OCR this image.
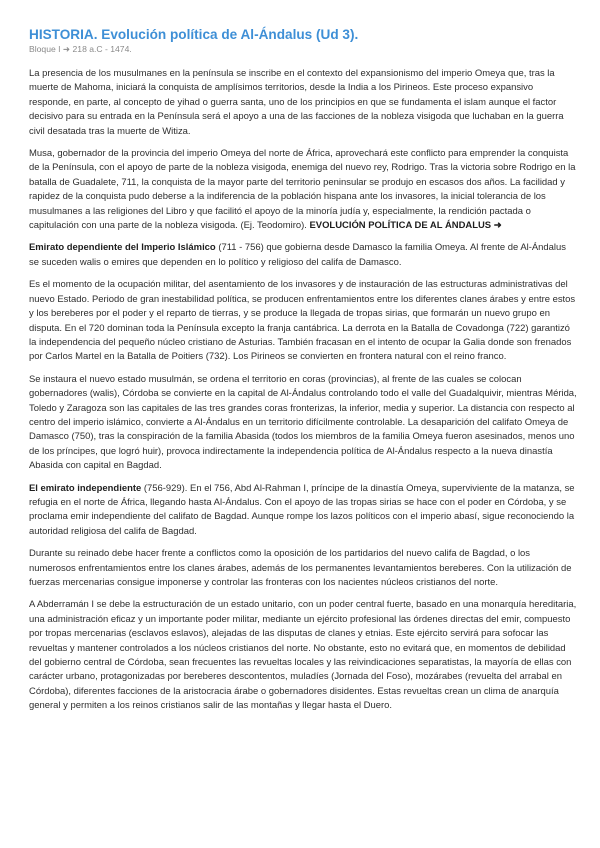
HISTORIA. Evolución política de Al-Ándalus (Ud 3).
Bloque I ➜ 218 a.C - 1474.

La presencia de los musulmanes en la península se inscribe en el contexto del expansionismo del imperio Omeya que, tras la muerte de Mahoma, iniciará la conquista de amplísimos territorios, desde la India a los Pirineos. Este proceso expansivo responde, en parte, al concepto de yihad o guerra santa, uno de los principios en que se fundamenta el islam aunque el factor decisivo para su entrada en la Península será el apoyo a una de las facciones de la nobleza visigoda que luchaban en la guerra civil desatada tras la muerte de Witiza.

Musa, gobernador de la provincia del imperio Omeya del norte de África, aprovechará este conflicto para emprender la conquista de la Península, con el apoyo de parte de la nobleza visigoda, enemiga del nuevo rey, Rodrigo. Tras la victoria sobre Rodrigo en la batalla de Guadalete, 711, la conquista de la mayor parte del territorio peninsular se produjo en escasos dos años. La facilidad y rapidez de la conquista pudo deberse a la indiferencia de la población hispana ante los invasores, la inicial tolerancia de los musulmanes a las religiones del Libro y que facilitó el apoyo de la minoría judía y, especialmente, la rendición pactada o capitulación con una parte de la nobleza visigoda. (Ej. Teodomiro). EVOLUCIÓN POLÍTICA DE AL ÁNDALUS ➜

Emirato dependiente del Imperio Islámico (711 - 756) que gobierna desde Damasco la familia Omeya. Al frente de Al-Ándalus se suceden walis o emires que dependen en lo político y religioso del califa de Damasco.

Es el momento de la ocupación militar, del asentamiento de los invasores y de instauración de las estructuras administrativas del nuevo Estado. Periodo de gran inestabilidad política, se producen enfrentamientos entre los diferentes clanes árabes y entre estos y los bereberes por el poder y el reparto de tierras, y se produce la llegada de tropas sirias, que formarán un nuevo grupo en disputa. En el 720 dominan toda la Península excepto la franja cantábrica. La derrota en la Batalla de Covadonga (722) garantizó la independencia del pequeño núcleo cristiano de Asturias. También fracasan en el intento de ocupar la Galia donde son frenados por Carlos Martel en la Batalla de Poitiers (732). Los Pirineos se convierten en frontera natural con el reino franco.

Se instaura el nuevo estado musulmán, se ordena el territorio en coras (provincias), al frente de las cuales se colocan gobernadores (walis), Córdoba se convierte en la capital de Al-Ándalus controlando todo el valle del Guadalquivir, mientras Mérida, Toledo y Zaragoza son las capitales de las tres grandes coras fronterizas, la inferior, media y superior. La distancia con respecto al centro del imperio islámico, convierte a Al-Ándalus en un territorio difícilmente controlable. La desaparición del califato Omeya de Damasco (750), tras la conspiración de la familia Abasida (todos los miembros de la familia Omeya fueron asesinados, menos uno de los príncipes, que logró huir), provoca indirectamente la independencia política de Al-Ándalus respecto a la nueva dinastía Abasida con capital en Bagdad.

El emirato independiente (756-929). En el 756, Abd Al-Rahman I, príncipe de la dinastía Omeya, superviviente de la matanza, se refugia en el norte de África, llegando hasta Al-Ándalus. Con el apoyo de las tropas sirias se hace con el poder en Córdoba, y se proclama emir independiente del califato de Bagdad. Aunque rompe los lazos políticos con el imperio abasí, sigue reconociendo la autoridad religiosa del califa de Bagdad.

Durante su reinado debe hacer frente a conflictos como la oposición de los partidarios del nuevo califa de Bagdad, o los numerosos enfrentamientos entre los clanes árabes, además de los permanentes levantamientos bereberes. Con la utilización de fuerzas mercenarias consigue imponerse y controlar las fronteras con los nacientes núcleos cristianos del norte.

A Abderramán I se debe la estructuración de un estado unitario, con un poder central fuerte, basado en una monarquía hereditaria, una administración eficaz y un importante poder militar, mediante un ejército profesional las órdenes directas del emir, compuesto por tropas mercenarias (esclavos eslavos), alejadas de las disputas de clanes y etnias. Este ejército servirá para sofocar las revueltas y mantener controlados a los núcleos cristianos del norte. No obstante, esto no evitará que, en momentos de debilidad del gobierno central de Córdoba, sean frecuentes las revueltas locales y las reivindicaciones separatistas, la mayoría de ellas con carácter urbano, protagonizadas por bereberes descontentos, muladíes (Jornada del Foso), mozárabes (revuelta del arrabal en Córdoba), diferentes facciones de la aristocracia árabe o gobernadores disidentes. Estas revueltas crean un clima de anarquía general y permiten a los reinos cristianos salir de las montañas y llegar hasta el Duero.
